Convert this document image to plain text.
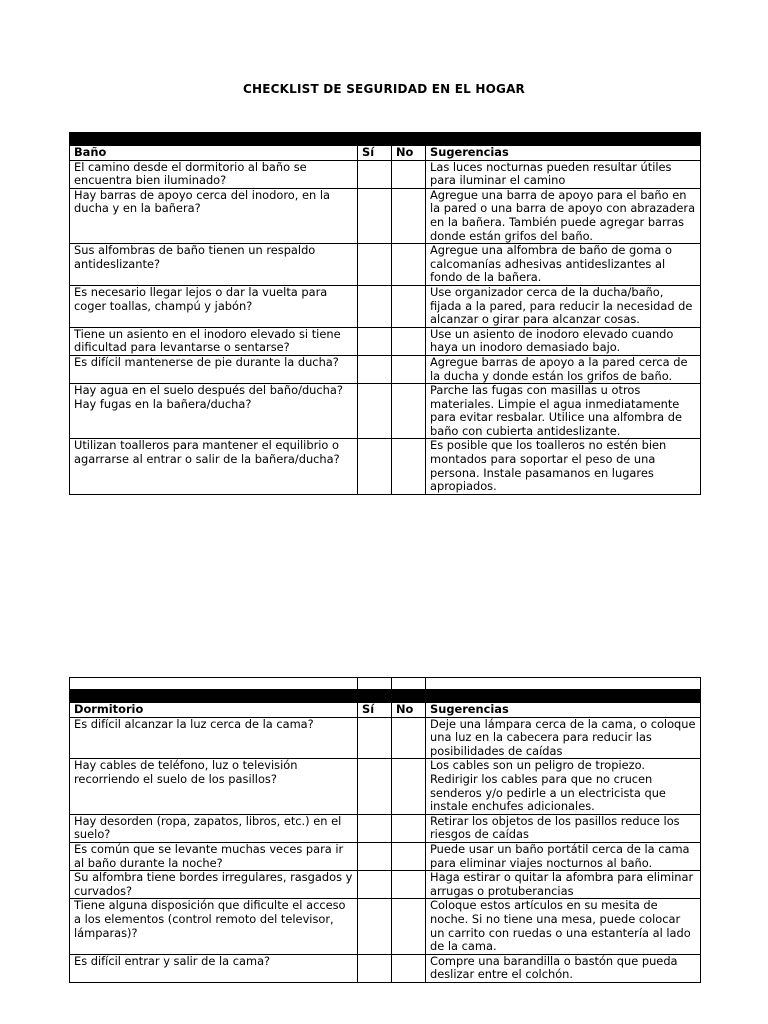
CHECKLIST DE SEGURIDAD EN EL HOGAR

Baño	Sí	No	Sugerencias
El camino desde el dormitorio al baño se encuentra bien iluminado?			Las luces nocturnas pueden resultar útiles para iluminar el camino
Hay barras de apoyo cerca del inodoro, en la ducha y en la bañera?			Agregue una barra de apoyo para el baño en la pared o una barra de apoyo con abrazadera en la bañera. También puede agregar barras donde están grifos del baño.
Sus alfombras de baño tienen un respaldo antideslizante?			Agregue una alfombra de baño de goma o calcomanías adhesivas antideslizantes al fondo de la bañera.
Es necesario llegar lejos o dar la vuelta para coger toallas, champú y jabón?			Use organizador cerca de la ducha/baño, fijada a la pared, para reducir la necesidad de alcanzar o girar para alcanzar cosas.
Tiene un asiento en el inodoro elevado si tiene dificultad para levantarse o sentarse?			Use un asiento de inodoro elevado cuando haya un inodoro demasiado bajo.
Es difícil mantenerse de pie durante la ducha?			Agregue barras de apoyo a la pared cerca de la ducha y donde están los grifos de baño.
Hay agua en el suelo después del baño/ducha? Hay fugas en la bañera/ducha?			Parche las fugas con masillas u otros materiales. Limpie el agua inmediatamente para evitar resbalar. Utilice una alfombra de baño con cubierta antideslizante.
Utilizan toalleros para mantener el equilibrio o agarrarse al entrar o salir de la bañera/ducha?			Es posible que los toalleros no estén bien montados para soportar el peso de una persona. Instale pasamanos en lugares apropiados.

Dormitorio	Sí	No	Sugerencias
Es difícil alcanzar la luz cerca de la cama?			Deje una lámpara cerca de la cama, o coloque una luz en la cabecera para reducir las posibilidades de caídas
Hay cables de teléfono, luz o televisión recorriendo el suelo de los pasillos?			Los cables son un peligro de tropiezo. Redirigir los cables para que no crucen senderos y/o pedirle a un electricista que instale enchufes adicionales.
Hay desorden (ropa, zapatos, libros, etc.) en el suelo?			Retirar los objetos de los pasillos reduce los riesgos de caídas
Es común que se levante muchas veces para ir al baño durante la noche?			Puede usar un baño portátil cerca de la cama para eliminar viajes nocturnos al baño.
Su alfombra tiene bordes irregulares, rasgados y curvados?			Haga estirar o quitar la afombra para eliminar arrugas o protuberancias
Tiene alguna disposición que dificulte el acceso a los elementos (control remoto del televisor, lámparas)?			Coloque estos artículos en su mesita de noche. Si no tiene una mesa, puede colocar un carrito con ruedas o una estantería al lado de la cama.
Es difícil entrar y salir de la cama?			Compre una barandilla o bastón que pueda deslizar entre el colchón.
